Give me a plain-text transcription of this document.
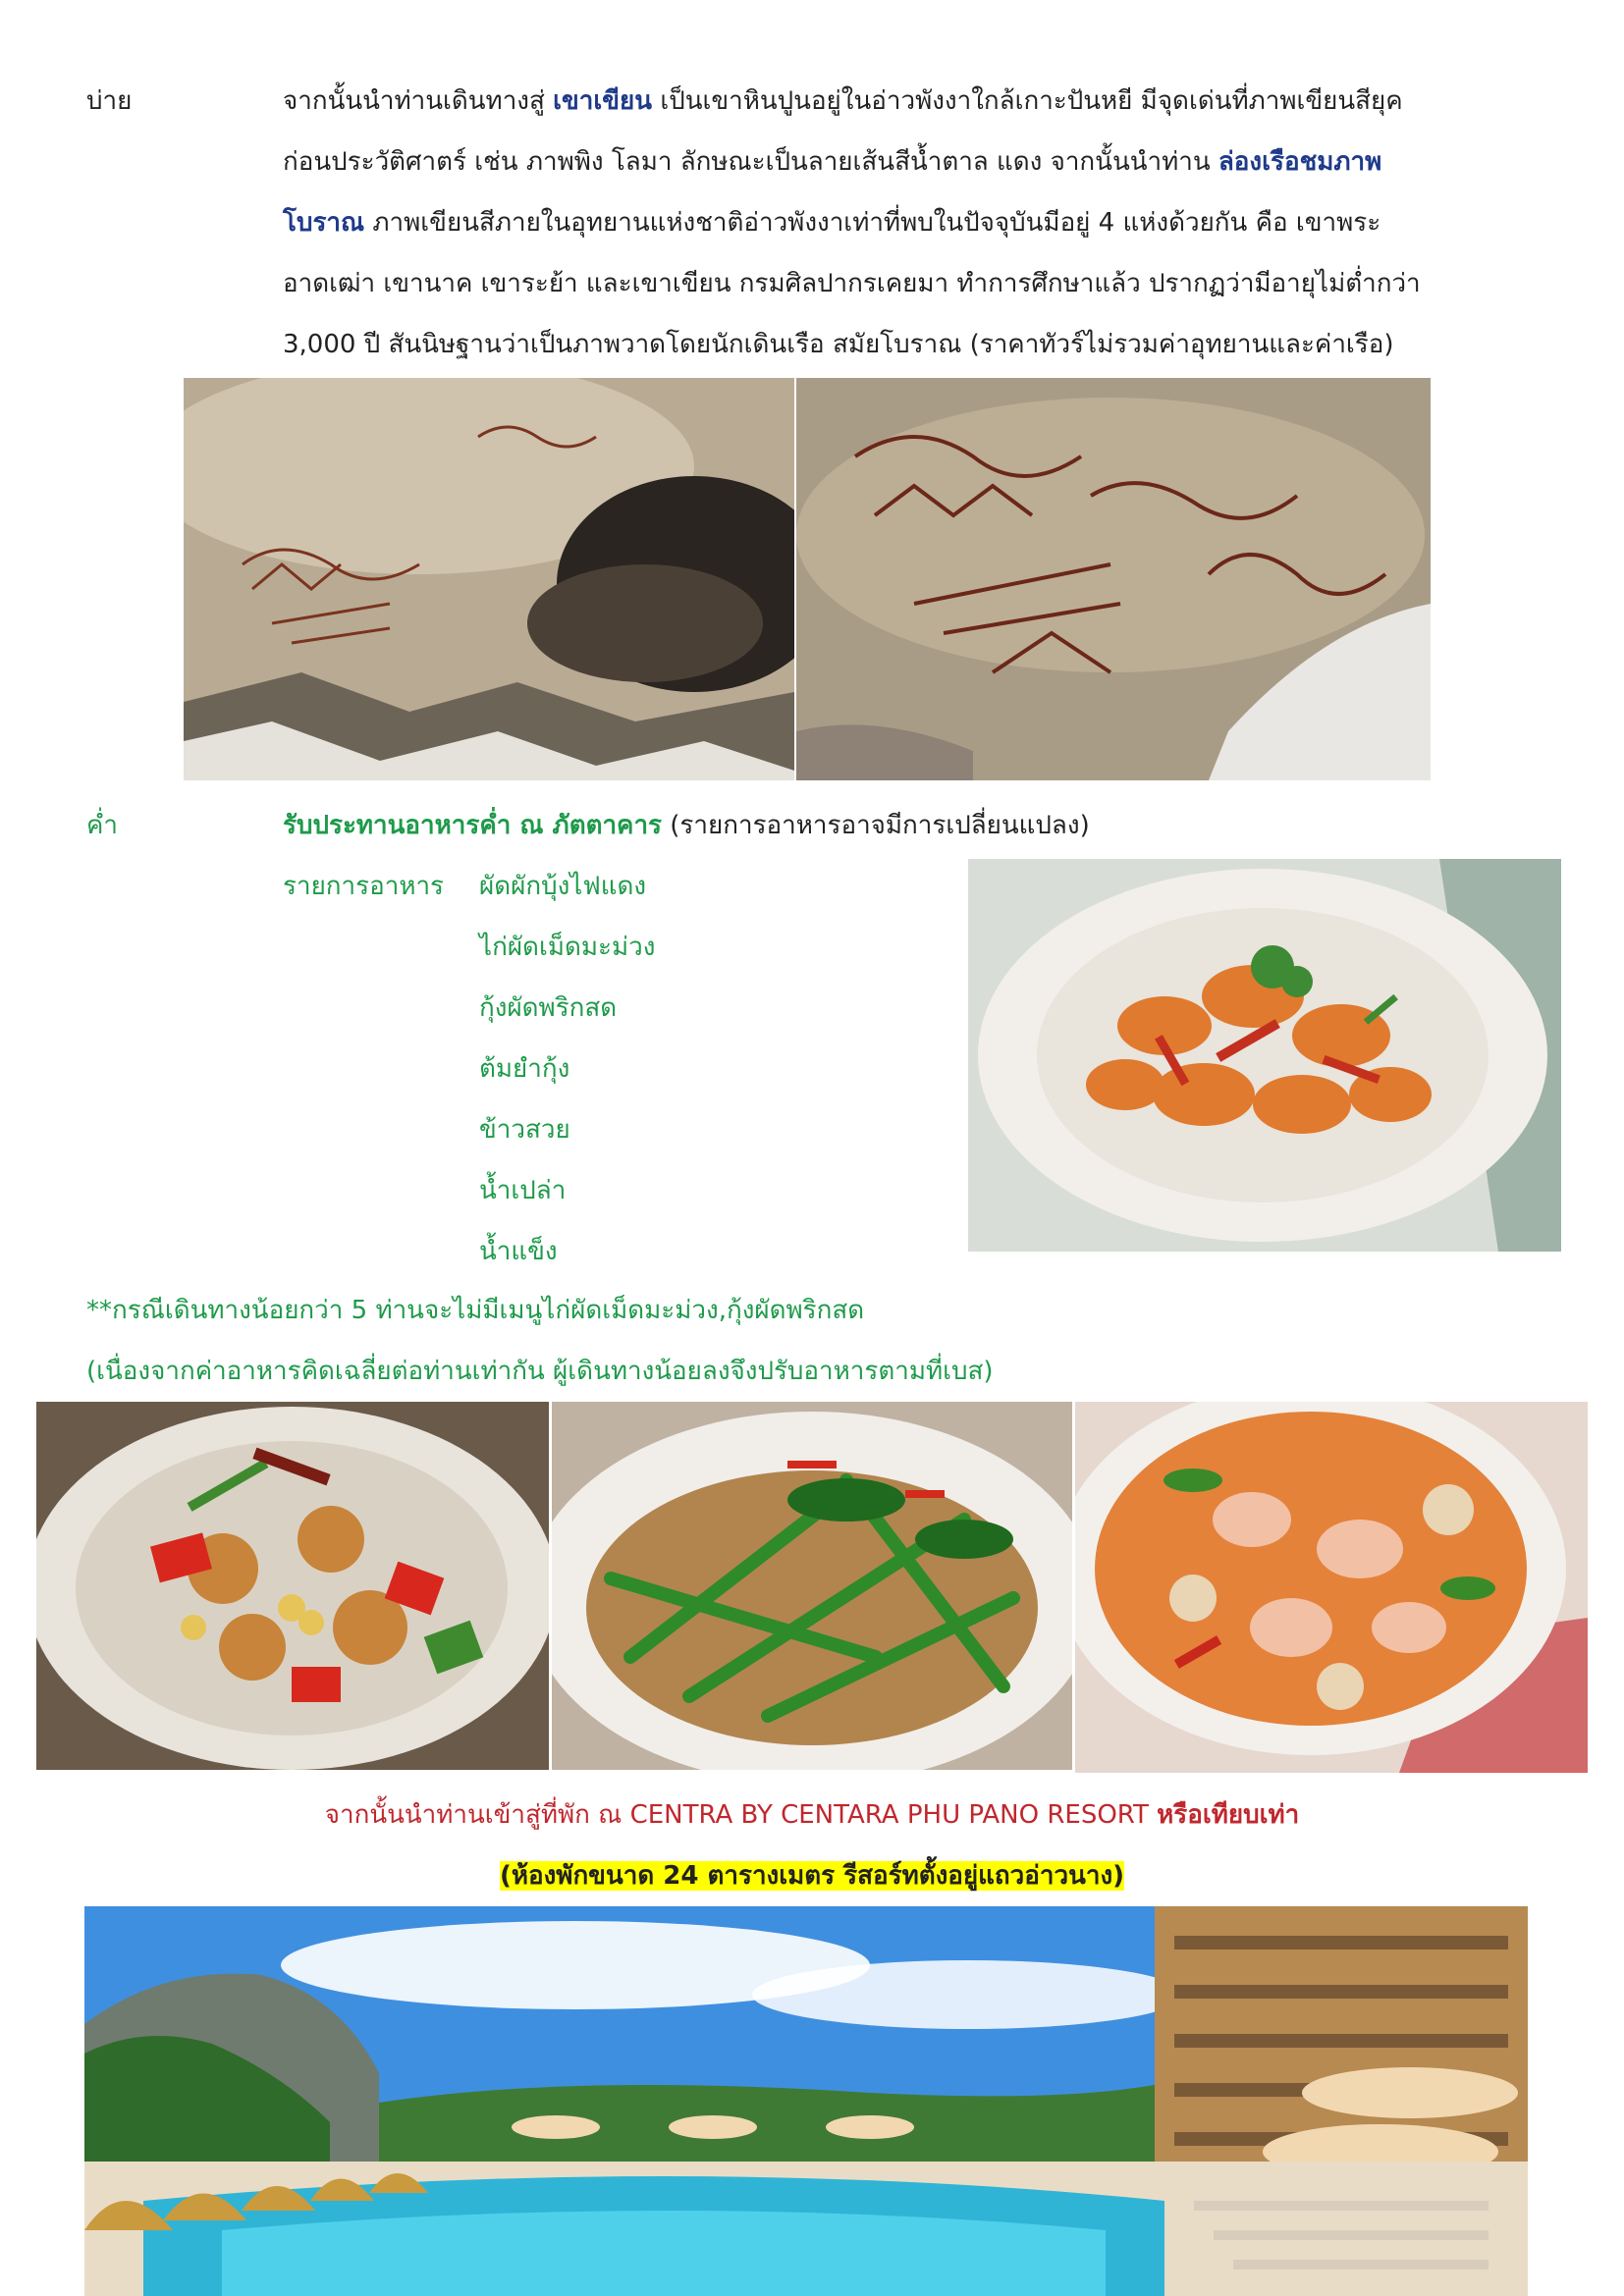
บ่าย	จากนั้นนำท่านเดินทางสู่ เขาเขียน เป็นเขาหินปูนอยู่ในอ่าวพังงาใกล้เกาะปันหยี มีจุดเด่นที่ภาพเขียนสียุค

ก่อนประวัติศาตร์ เช่น ภาพพิง โลมา ลักษณะเป็นลายเส้นสีน้ำตาล แดง จากนั้นนำท่าน ล่องเรือชมภาพ

โบราณ ภาพเขียนสีภายในอุทยานแห่งชาติอ่าวพังงาเท่าที่พบในปัจจุบันมีอยู่ 4 แห่งด้วยกัน คือ เขาพระ

อาดเฒ่า เขานาค เขาระย้า และเขาเขียน กรมศิลปากรเคยมา ทำการศึกษาแล้ว ปรากฏว่ามีอายุไม่ต่ำกว่า

3,000 ปี สันนิษฐานว่าเป็นภาพวาดโดยนักเดินเรือ สมัยโบราณ (ราคาทัวร์ไม่รวมค่าอุทยานและค่าเรือ)

ค่ำ	รับประทานอาหารค่ำ ณ ภัตตาคาร (รายการอาหารอาจมีการเปลี่ยนแปลง)
รายการอาหาร ผัดผักบุ้งไฟแดง

ไก่ผัดเม็ดมะม่วง

กุ้งผัดพริกสด

ต้มยำกุ้ง

ข้าวสวย

น้ำเปล่า

น้ำแข็ง

**กรณีเดินทางน้อยกว่า 5 ท่านจะไม่มีเมนูไก่ผัดเม็ดมะม่วง,กุ้งผัดพริกสด
(เนื่องจากค่าอาหารคิดเฉลี่ยต่อท่านเท่ากัน ผู้เดินทางน้อยลงจึงปรับอาหารตามที่เบส)

จากนั้นนำท่านเข้าสู่ที่พัก ณ CENTRA BY CENTARA PHU PANO RESORT หรือเทียบเท่า

(ห้องพักขนาด 24 ตารางเมตร รีสอร์ทตั้งอยู่แถวอ่าวนาง)
